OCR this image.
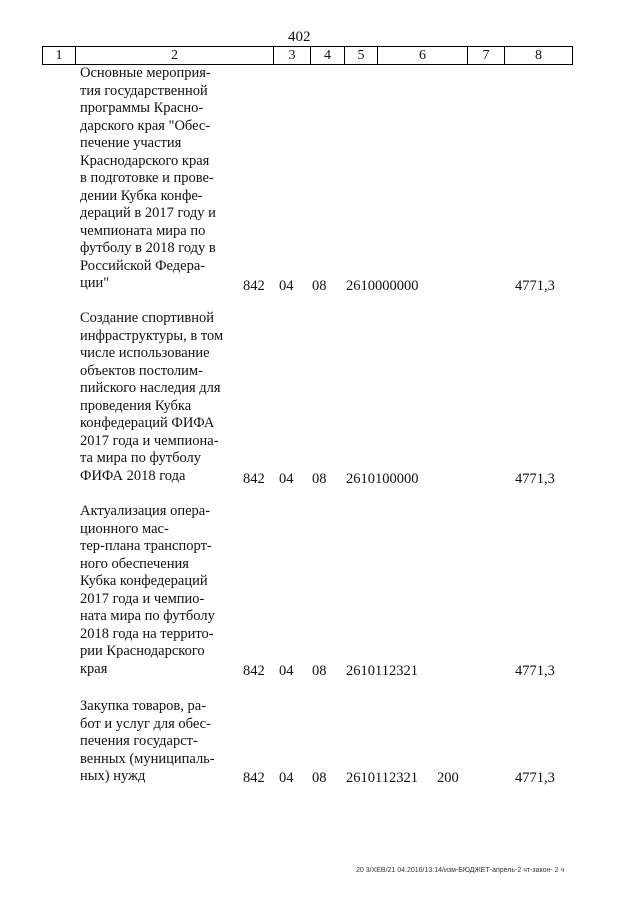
402
1	2	3	4	5	6	7	8
Основные мероприя-
тия государственной
программы Красно-
дарского края "Обес-
печение участия
Краснодарского края
в подготовке и прове-
дении Кубка конфе-
дераций в 2017 году и
чемпионата мира по
футболу в 2018 году в
Российской Федера-
ции"	842 04 08 2610000000	4771,3
Создание спортивной
инфраструктуры, в том
числе использование
объектов постолим-
пийского наследия для
проведения Кубка
конфедераций ФИФА
2017 года и чемпиона-
та мира по футболу
ФИФА 2018 года	842 04 08 2610100000	4771,3
Актуализация опера-
ционного мас-
тер-плана транспорт-
ного обеспечения
Кубка конфедераций
2017 года и чемпио-
ната мира по футболу
2018 года на террито-
рии Краснодарского
края	842 04 08 2610112321	4771,3
Закупка товаров, ра-
бот и услуг для обес-
печения государст-
венных (муниципаль-
ных) нужд	842 04 08 2610112321 200	4771,3
20 3/ХЕВ/21 04.2016/13:14/изм-БЮДЖЕТ-апрель-2 чт-закон- 2 ч
